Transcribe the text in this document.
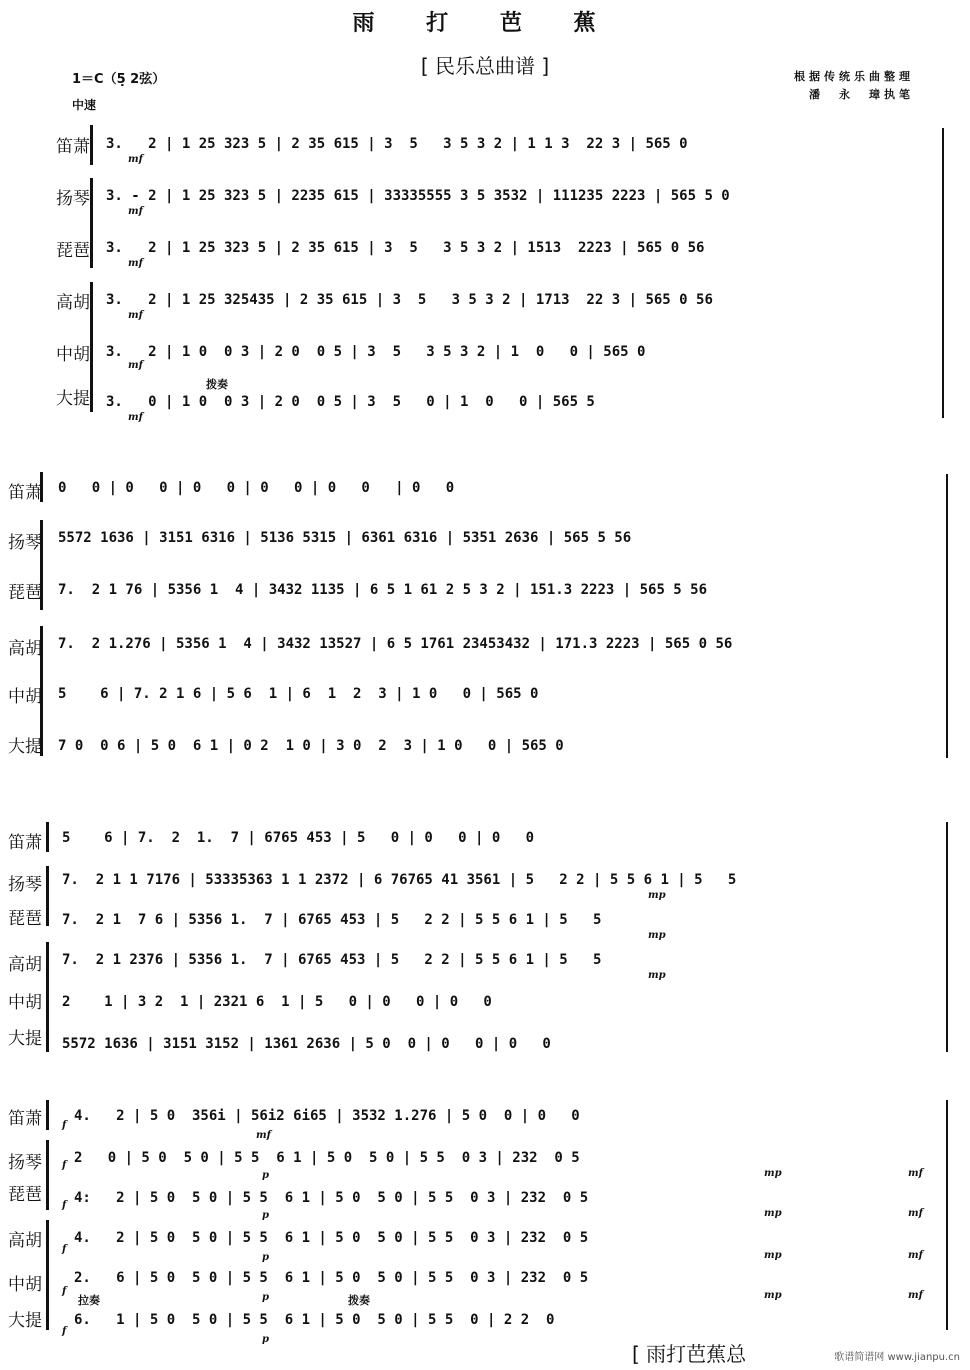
雨 打 芭 蕉
[ 民乐总曲谱 ]
1＝C（5̣ 2弦）
中速
根据传统乐曲整理
潘　永　璋执笔
笛萧
扬琴
琵琶
高胡
中胡
大提
3.   2 | 1 25 323 5 | 2 35 615 | 3  5   3 5 3 2 | 1 1 3  22 3 | 565 0
3. - 2 | 1 25 323 5 | 2235 615 | 33335555 3 5 3532 | 111235 2223 | 565 5 0
3.   2 | 1 25 323 5 | 2 35 615 | 3  5   3 5 3 2 | 1513  2223 | 565 0 56
3.   2 | 1 25 325435 | 2 35 615 | 3  5   3 5 3 2 | 1713  22 3 | 565 0 56
3.   2 | 1 0  0 3 | 2 0  0 5 | 3  5   3 5 3 2 | 1  0   0 | 565 0
3.   0 | 1 0  0 3 | 2 0  0 5 | 3  5   0 | 1  0   0 | 565 5
mf
mf
mf
mf
mf
mf
拨奏
笛萧
扬琴
琵琶
高胡
中胡
大提
0   0 | 0   0 | 0   0 | 0   0 | 0   0   | 0   0
5572 1636 | 3151 6316 | 5136 5315 | 6361 6316 | 5351 2636 | 565 5 56
7.  2 1 76 | 5356 1  4 | 3432 1135 | 6 5 1 61 2 5 3 2 | 151.3 2223 | 565 5 56
7.  2 1.276 | 5356 1  4 | 3432 13527 | 6 5 1761 23453432 | 171.3 2223 | 565 0 56
5    6 | 7. 2 1 6 | 5 6  1 | 6  1  2  3 | 1 0   0 | 565 0
7 0  0 6 | 5 0  6 1 | 0 2  1 0 | 3 0  2  3 | 1 0   0 | 565 0
笛萧
扬琴
琵琶
高胡
中胡
大提
5    6 | 7.  2  1.  7 | 6765 453 | 5   0 | 0   0 | 0   0
7.  2 1 1 7176 | 53335363 1 1 2372 | 6 76765 41 3561 | 5   2 2 | 5 5 6 1 | 5   5
7.  2 1  7 6 | 5356 1.  7 | 6765 453 | 5   2 2 | 5 5 6 1 | 5   5
7.  2 1 2376 | 5356 1.  7 | 6765 453 | 5   2 2 | 5 5 6 1 | 5   5
2    1 | 3 2  1 | 2321 6  1 | 5   0 | 0   0 | 0   0
5572 1636 | 3151 3152 | 1361 2636 | 5 0  0 | 0   0 | 0   0
mp
mp
mp
笛萧
扬琴
琵琶
高胡
中胡
大提
4.   2 | 5 0  356i | 56i2 6i65 | 3532 1.276 | 5 0  0 | 0   0
2   0 | 5 0  5 0 | 5 5  6 1 | 5 0  5 0 | 5 5  0 3 | 232  0 5
4:   2 | 5 0  5 0 | 5 5  6 1 | 5 0  5 0 | 5 5  0 3 | 232  0 5
4.   2 | 5 0  5 0 | 5 5  6 1 | 5 0  5 0 | 5 5  0 3 | 232  0 5
2.   6 | 5 0  5 0 | 5 5  6 1 | 5 0  5 0 | 5 5  0 3 | 232  0 5
6.   1 | 5 0  5 0 | 5 5  6 1 | 5 0  5 0 | 5 5  0 | 2 2  0
f
f
f
f
f
f
mf
p
p
p
p
p
mp
mp
mp
mp
mf
mf
mf
mf
拉奏	拨奏
[ 雨打芭蕉总	歌谱简谱网 www.jianpu.cn
